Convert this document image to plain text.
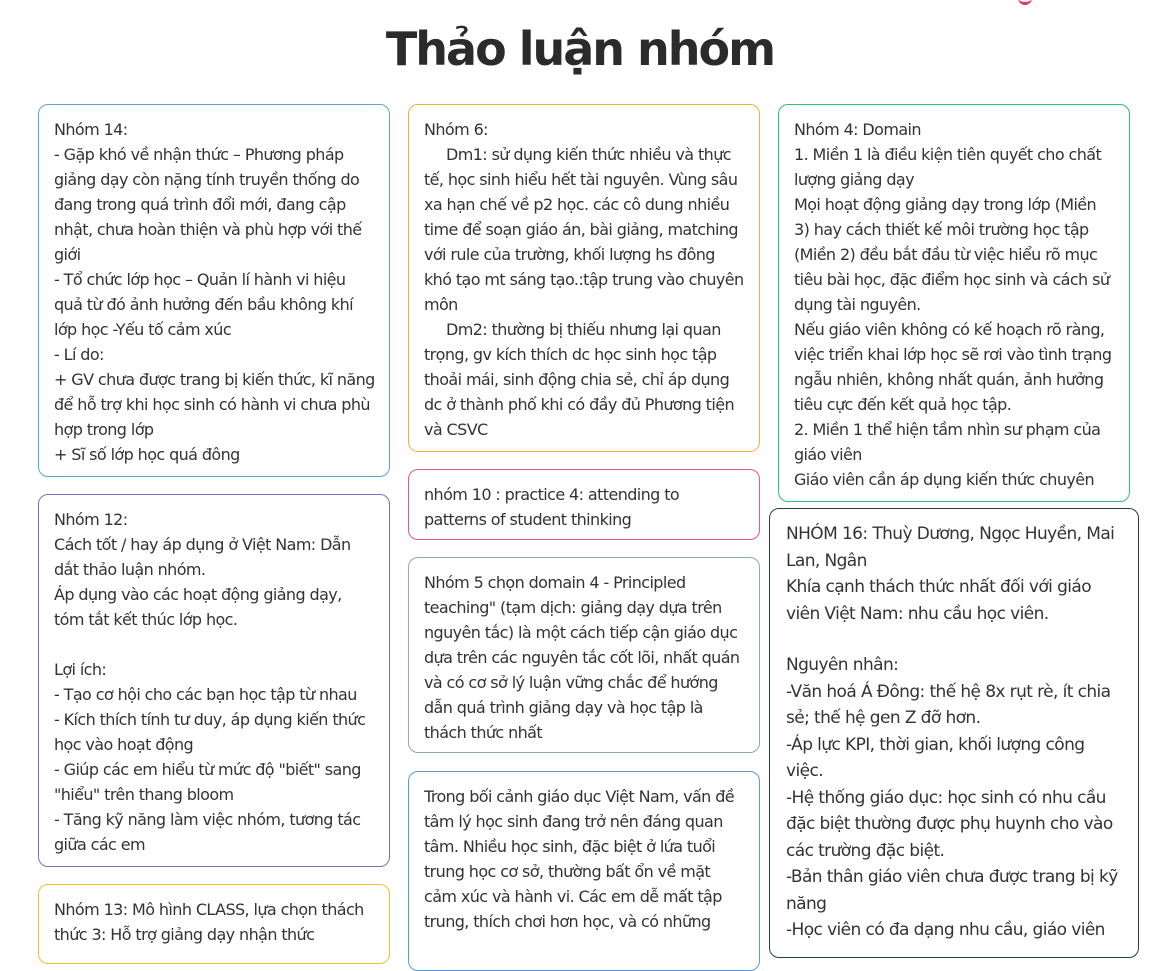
Thảo luận nhóm

Nhóm 14:

- Gặp khó về nhận thức – Phương pháp giảng dạy còn nặng tính truyền thống do đang trong quá trình đổi mới, đang cập nhật, chưa hoàn thiện và phù hợp với thế giới

- Tổ chức lớp học – Quản lí hành vi hiệu quả từ đó ảnh hưởng đến bầu không khí lớp học -Yếu tố cảm xúc

- Lí do:

+ GV chưa được trang bị kiến thức, kĩ năng để hỗ trợ khi học sinh có hành vi chưa phù hợp trong lớp

+ Sĩ số lớp học quá đông

Nhóm 12:

Cách tốt / hay áp dụng ở Việt Nam: Dẫn dắt thảo luận nhóm.

Áp dụng vào các hoạt động giảng dạy, tóm tắt kết thúc lớp học.

Lợi ích:

- Tạo cơ hội cho các bạn học tập từ nhau

- Kích thích tính tư duy, áp dụng kiến thức học vào hoạt động

- Giúp các em hiểu từ mức độ "biết" sang "hiểu" trên thang bloom

- Tăng kỹ năng làm việc nhóm, tương tác giữa các em

Nhóm 13: Mô hình CLASS, lựa chọn thách thức 3: Hỗ trợ giảng dạy nhận thức

Nhóm 6:

Dm1: sử dụng kiến thức nhiều và thực tế, học sinh hiểu hết tài nguyên. Vùng sâu xa hạn chế về p2 học. các cô dung nhiều time để soạn giáo án, bài giảng, matching với rule của trường, khối lượng hs đông khó tạo mt sáng tạo.:tập trung vào chuyên môn

Dm2: thường bị thiếu nhưng lại quan trọng, gv kích thích dc học sinh học tập thoải mái, sinh động chia sẻ, chỉ áp dụng dc ở thành phố khi có đầy đủ Phương tiện và CSVC

nhóm 10 : practice 4: attending to patterns of student thinking

Nhóm 5 chọn domain 4 - Principled teaching" (tạm dịch: giảng dạy dựa trên nguyên tắc) là một cách tiếp cận giáo dục dựa trên các nguyên tắc cốt lõi, nhất quán và có cơ sở lý luận vững chắc để hướng dẫn quá trình giảng dạy và học tập là thách thức nhất

Trong bối cảnh giáo dục Việt Nam, vấn đề tâm lý học sinh đang trở nên đáng quan tâm. Nhiều học sinh, đặc biệt ở lứa tuổi trung học cơ sở, thường bất ổn về mặt cảm xúc và hành vi. Các em dễ mất tập trung, thích chơi hơn học, và có những

Nhóm 4: Domain

1. Miền 1 là điều kiện tiên quyết cho chất lượng giảng dạy

Mọi hoạt động giảng dạy trong lớp (Miền 3) hay cách thiết kế môi trường học tập (Miền 2) đều bắt đầu từ việc hiểu rõ mục tiêu bài học, đặc điểm học sinh và cách sử dụng tài nguyên.

Nếu giáo viên không có kế hoạch rõ ràng, việc triển khai lớp học sẽ rơi vào tình trạng ngẫu nhiên, không nhất quán, ảnh hưởng tiêu cực đến kết quả học tập.

2. Miền 1 thể hiện tầm nhìn sư phạm của giáo viên

Giáo viên cần áp dụng kiến thức chuyên

NHÓM 16: Thuỳ Dương, Ngọc Huyền, Mai Lan, Ngân

Khía cạnh thách thức nhất đối với giáo viên Việt Nam: nhu cầu học viên.

Nguyên nhân:

-Văn hoá Á Đông: thế hệ 8x rụt rè, ít chia sẻ; thế hệ gen Z đỡ hơn.

-Áp lực KPI, thời gian, khối lượng công việc.

-Hệ thống giáo dục: học sinh có nhu cầu đặc biệt thường được phụ huynh cho vào các trường đặc biệt.

-Bản thân giáo viên chưa được trang bị kỹ năng

-Học viên có đa dạng nhu cầu, giáo viên
